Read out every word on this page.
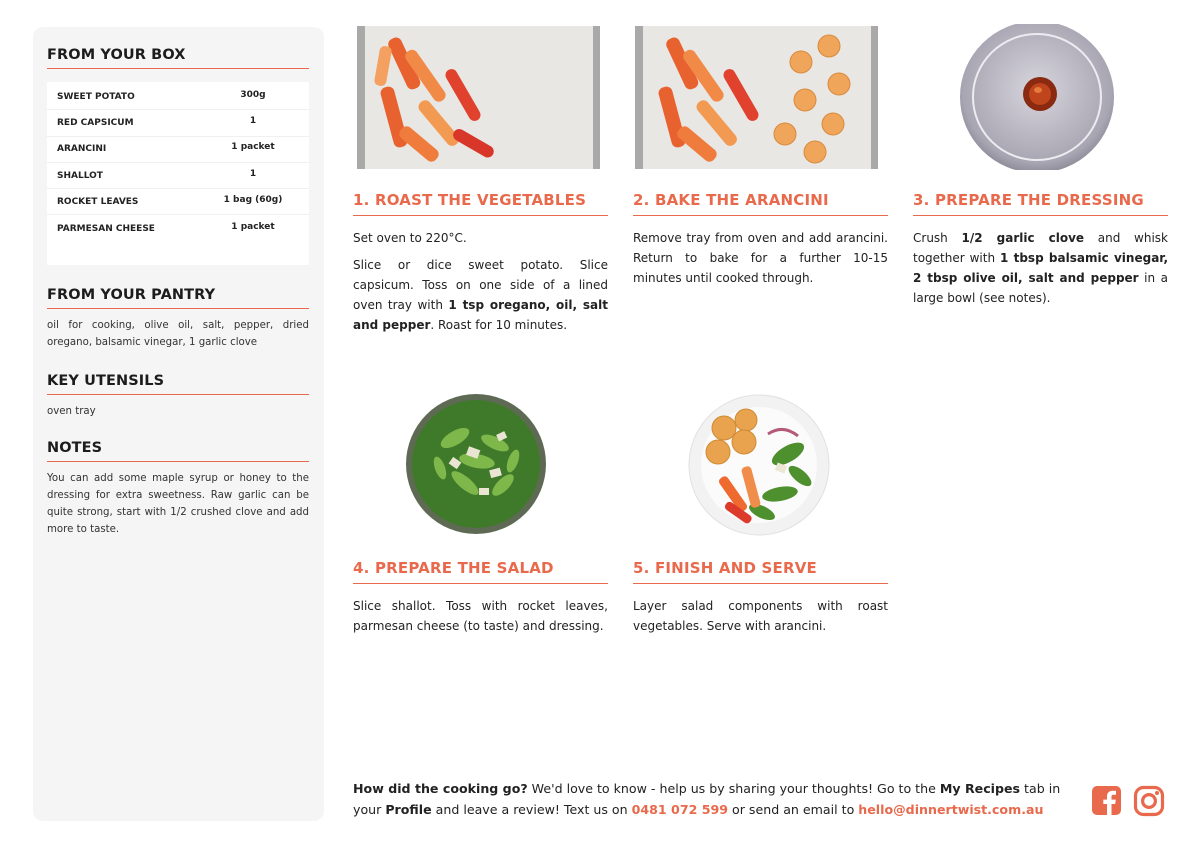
FROM YOUR BOX
SWEET POTATO	300g
RED CAPSICUM	1
ARANCINI	1 packet
SHALLOT	1
ROCKET LEAVES	1 bag (60g)
PARMESAN CHEESE	1 packet
FROM YOUR PANTRY

oil for cooking, olive oil, salt, pepper, dried oregano, balsamic vinegar, 1 garlic clove

KEY UTENSILS

oven tray

NOTES

You can add some maple syrup or honey to the dressing for extra sweetness. Raw garlic can be quite strong, start with 1/2 crushed clove and add more to taste.

1. ROAST THE VEGETABLES

Set oven to 220°C.

Slice or dice sweet potato. Slice capsicum. Toss on one side of a lined oven tray with 1 tsp oregano, oil, salt and pepper. Roast for 10 minutes.

2. BAKE THE ARANCINI

Remove tray from oven and add arancini. Return to bake for a further 10-15 minutes until cooked through.

3. PREPARE THE DRESSING

Crush 1/2 garlic clove and whisk together with 1 tbsp balsamic vinegar, 2 tbsp olive oil, salt and pepper in a large bowl (see notes).

4. PREPARE THE SALAD

Slice shallot. Toss with rocket leaves, parmesan cheese (to taste) and dressing.

5. FINISH AND SERVE

Layer salad components with roast vegetables. Serve with arancini.

How did the cooking go? We'd love to know - help us by sharing your thoughts! Go to the My Recipes tab in your Profile and leave a review! Text us on 0481 072 599 or send an email to hello@dinnertwist.com.au
